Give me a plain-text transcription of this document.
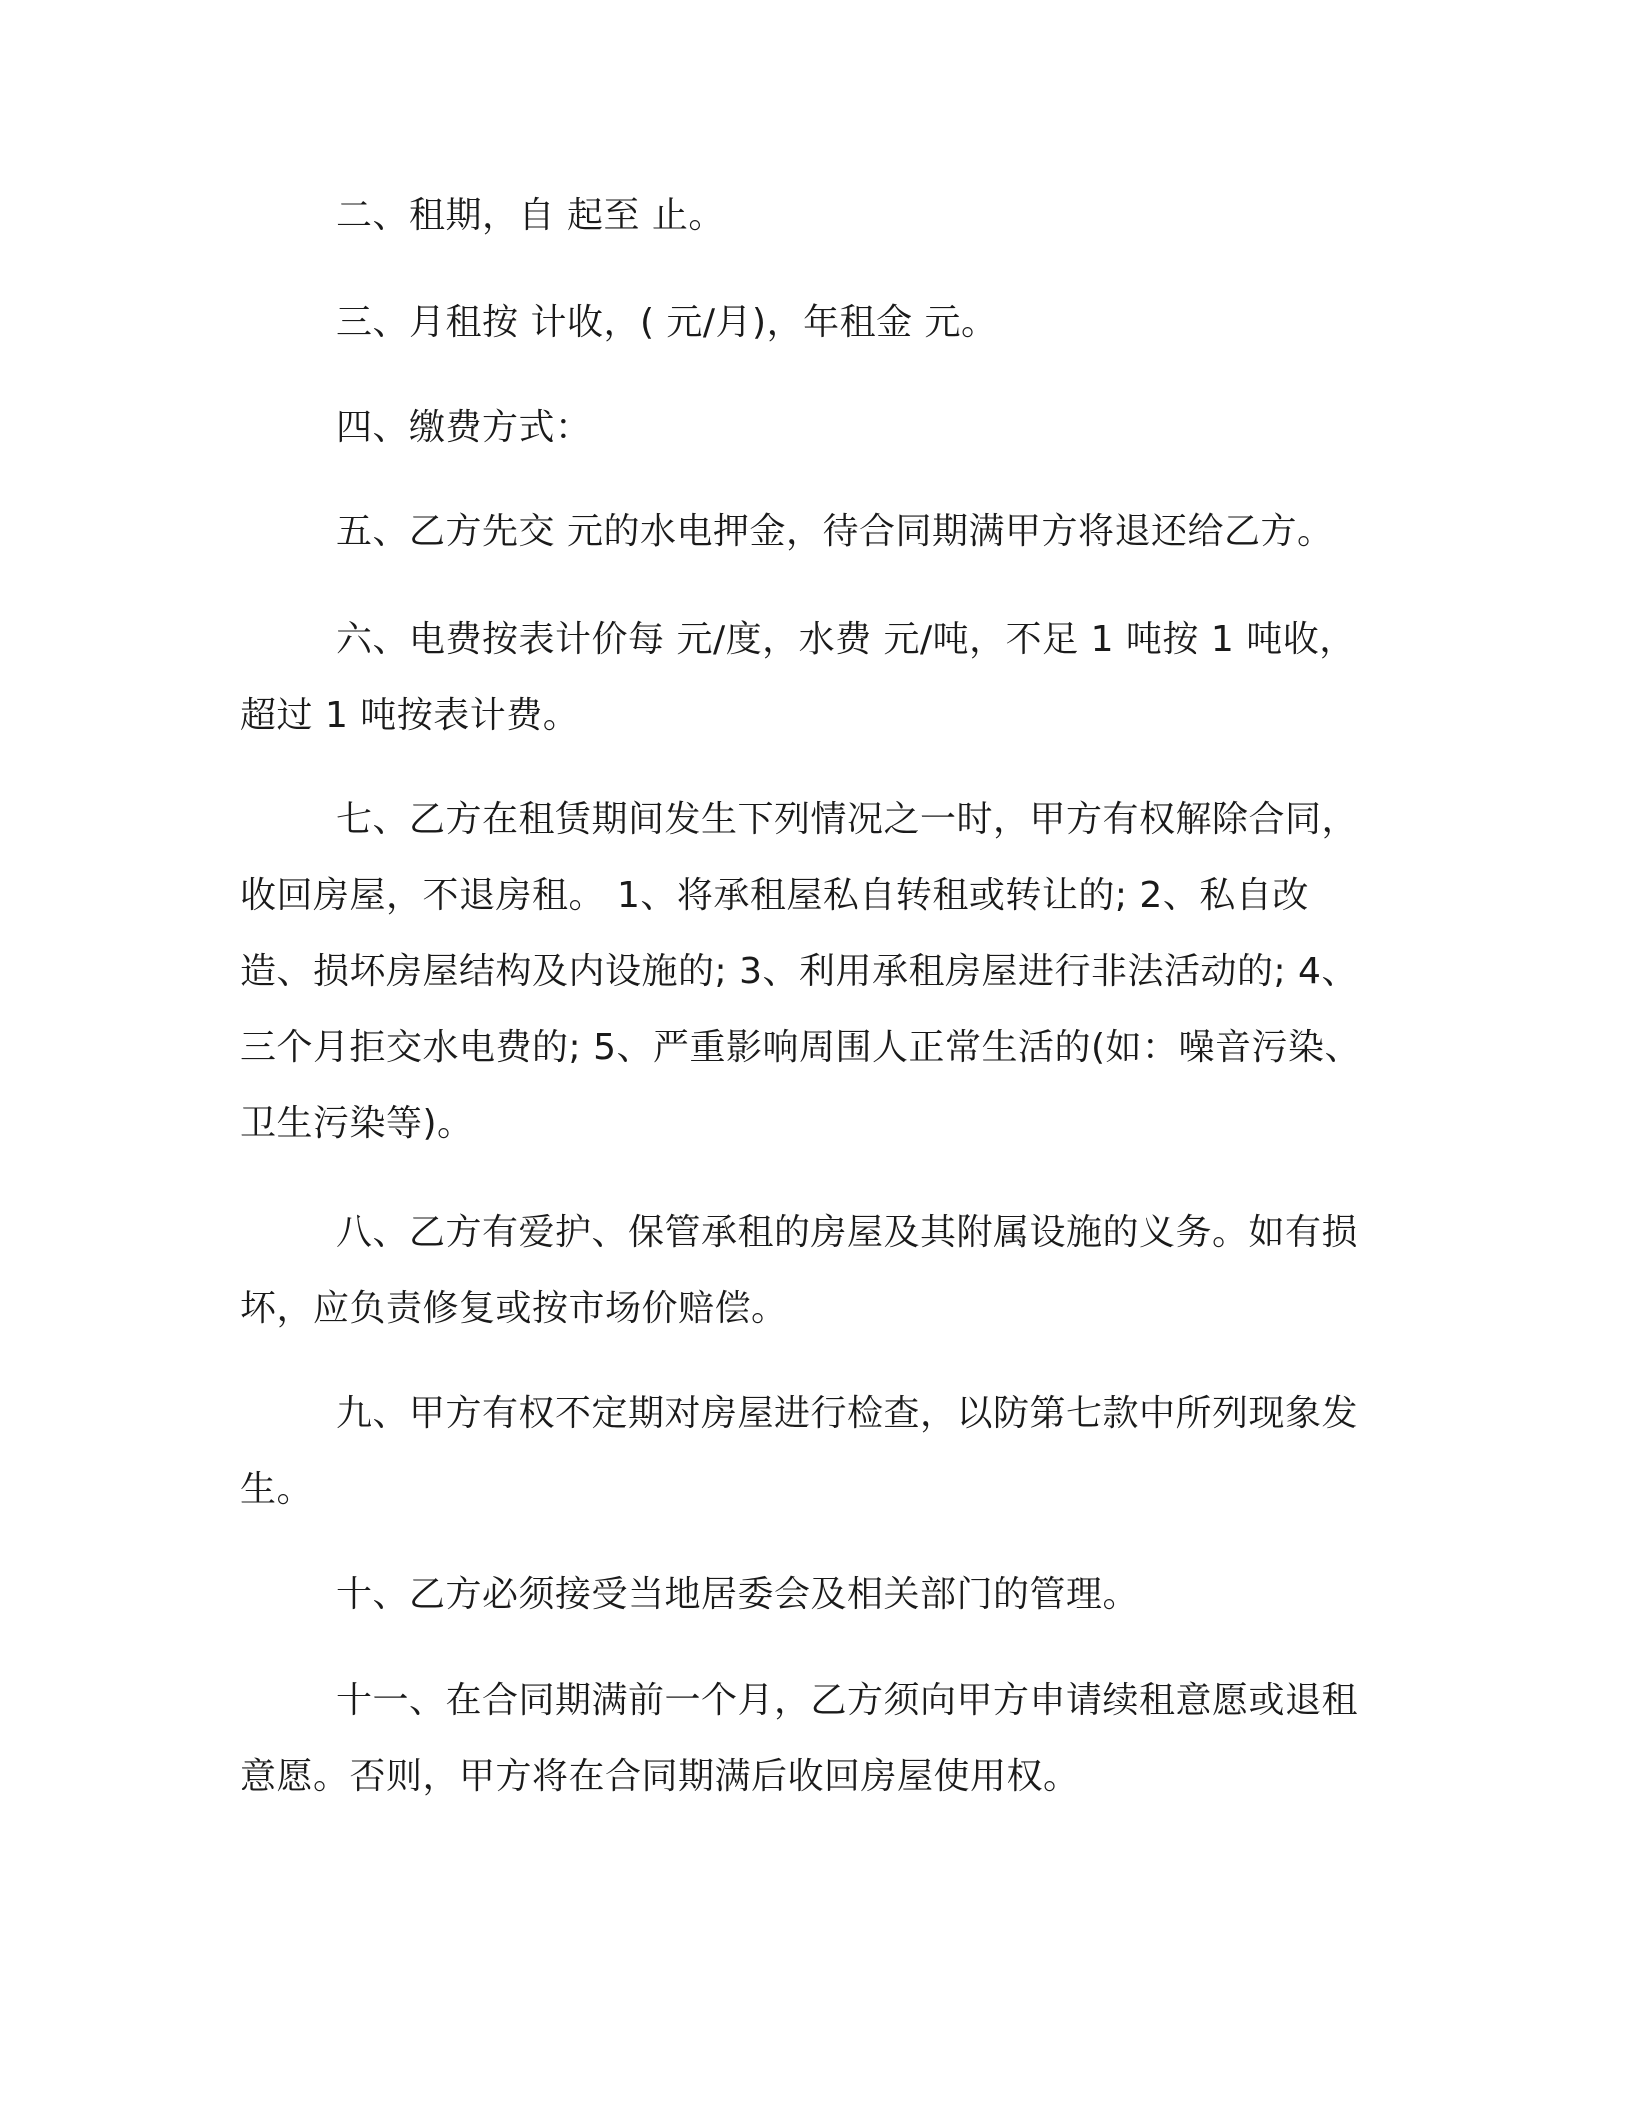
二、租期，自 起至 止。

三、月租按 计收，( 元/月)，年租金 元。

四、缴费方式：

五、乙方先交 元的水电押金，待合同期满甲方将退还给乙方。

六、电费按表计价每 元/度，水费 元/吨，不足 1 吨按 1 吨收，超过 1 吨按表计费。

七、乙方在租赁期间发生下列情况之一时，甲方有权解除合同，收回房屋，不退房租。 1、将承租屋私自转租或转让的; 2、私自改造、损坏房屋结构及内设施的; 3、利用承租房屋进行非法活动的; 4、三个月拒交水电费的; 5、严重影响周围人正常生活的(如：噪音污染、卫生污染等)。

八、乙方有爱护、保管承租的房屋及其附属设施的义务。如有损坏，应负责修复或按市场价赔偿。

九、甲方有权不定期对房屋进行检查，以防第七款中所列现象发生。

十、乙方必须接受当地居委会及相关部门的管理。

十一、在合同期满前一个月，乙方须向甲方申请续租意愿或退租意愿。否则，甲方将在合同期满后收回房屋使用权。
